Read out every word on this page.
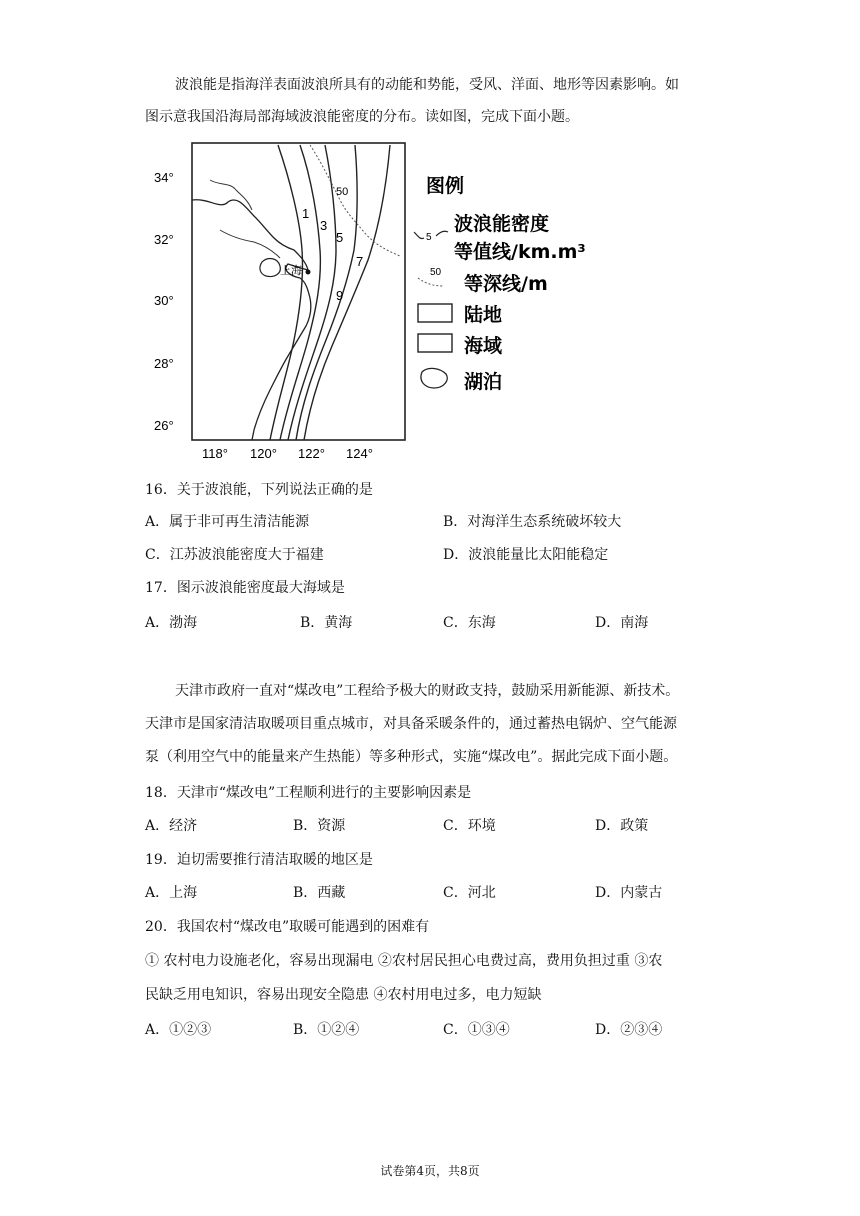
波浪能是指海洋表面波浪所具有的动能和势能，受风、洋面、地形等因素影响。如
图示意我国沿海局部海域波浪能密度的分布。读如图，完成下面小题。
1
3
5
7
9
50
上海
34°
32°
30°
28°
26°
118° 120° 122° 124°
图例
5
波浪能密度
等值线/km.m³
50
等深线/m
陆地
海域
湖泊
16．关于波浪能，下列说法正确的是
A．属于非可再生清洁能源	B．对海洋生态系统破坏较大
C．江苏波浪能密度大于福建	D．波浪能量比太阳能稳定
17．图示波浪能密度最大海域是
A．渤海	B．黄海	C．东海	D．南海
天津市政府一直对“煤改电”工程给予极大的财政支持，鼓励采用新能源、新技术。
天津市是国家清洁取暖项目重点城市，对具备采暖条件的，通过蓄热电锅炉、空气能源
泵（利用空气中的能量来产生热能）等多种形式，实施“煤改电”。据此完成下面小题。
18．天津市“煤改电”工程顺利进行的主要影响因素是
A．经济	B．资源	C．环境	D．政策
19．迫切需要推行清洁取暖的地区是
A．上海	B．西藏	C．河北	D．内蒙古
20．我国农村“煤改电”取暖可能遇到的困难有
① 农村电力设施老化，容易出现漏电 ②农村居民担心电费过高，费用负担过重 ③农
民缺乏用电知识，容易出现安全隐患 ④农村用电过多，电力短缺
A．①②③	B．①②④	C．①③④	D．②③④
试卷第4页，共8页
